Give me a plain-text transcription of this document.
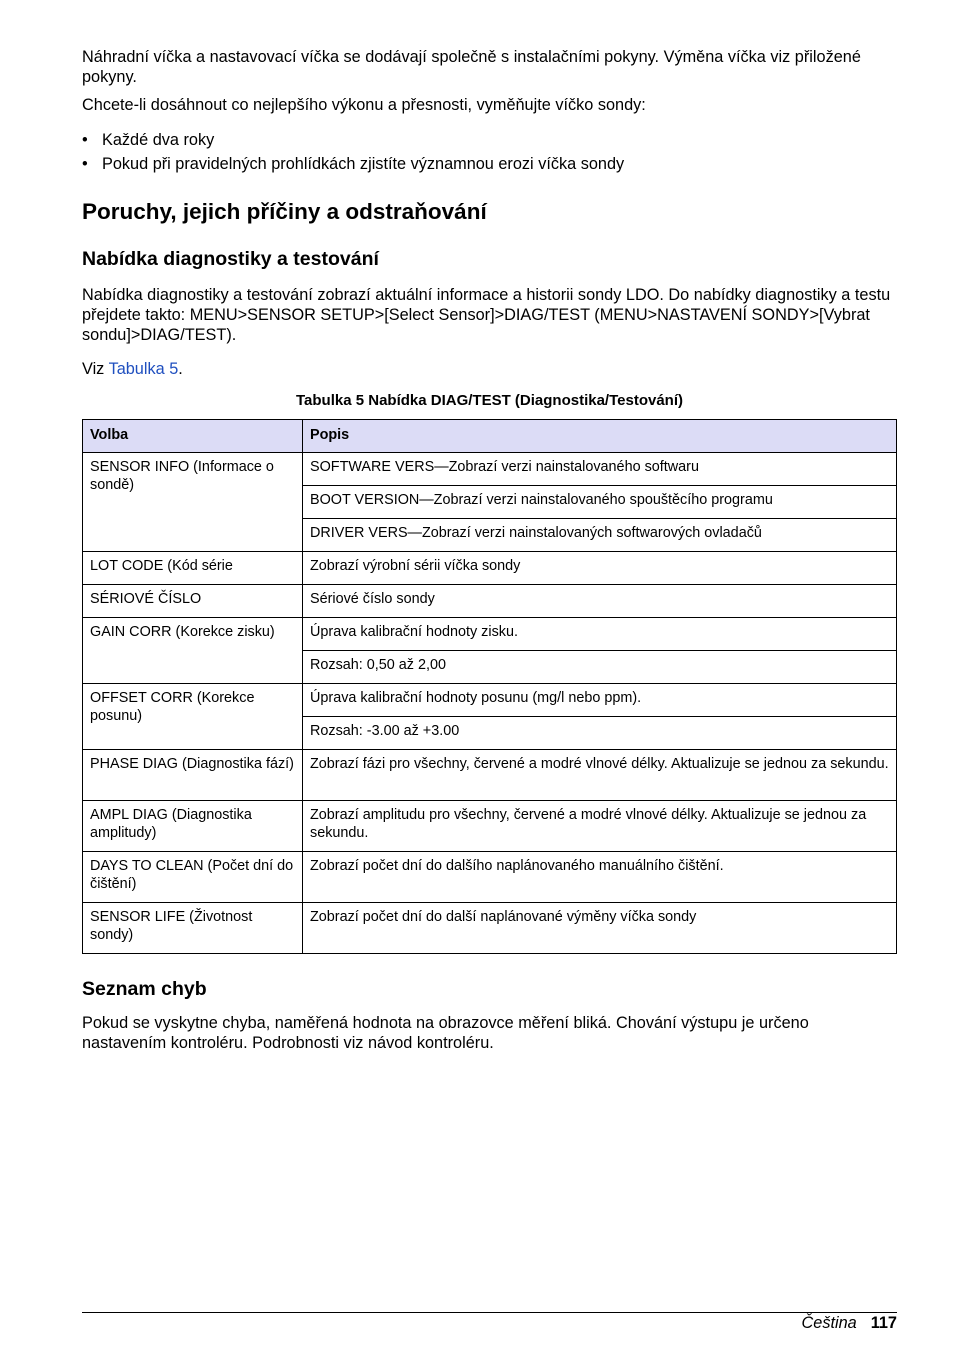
Náhradní víčka a nastavovací víčka se dodávají společně s instalačními pokyny. Výměna víčka viz přiložené pokyny.

Chcete-li dosáhnout co nejlepšího výkonu a přesnosti, vyměňujte víčko sondy:

• Každé dva roky
• Pokud při pravidelných prohlídkách zjistíte významnou erozi víčka sondy
Poruchy, jejich příčiny a odstraňování
Nabídka diagnostiky a testování

Nabídka diagnostiky a testování zobrazí aktuální informace a historii sondy LDO. Do nabídky diagnostiky a testu přejdete takto: MENU>SENSOR SETUP>[Select Sensor]>DIAG/TEST (MENU>NASTAVENÍ SONDY>[Vybrat sondu]>DIAG/TEST).

Viz Tabulka 5.

Tabulka 5 Nabídka DIAG/TEST (Diagnostika/Testování)
Volba	Popis
SENSOR INFO (Informace o sondě)	SOFTWARE VERS—Zobrazí verzi nainstalovaného softwaru
	BOOT VERSION—Zobrazí verzi nainstalovaného spouštěcího programu
	DRIVER VERS—Zobrazí verzi nainstalovaných softwarových ovladačů
LOT CODE (Kód série	Zobrazí výrobní sérii víčka sondy
SÉRIOVÉ ČÍSLO	Sériové číslo sondy
GAIN CORR (Korekce zisku)	Úprava kalibrační hodnoty zisku.
	Rozsah: 0,50 až 2,00
OFFSET CORR (Korekce posunu)	Úprava kalibrační hodnoty posunu (mg/l nebo ppm).
	Rozsah: -3.00 až +3.00
PHASE DIAG (Diagnostika fází)	Zobrazí fázi pro všechny, červené a modré vlnové délky. Aktualizuje se jednou za sekundu.
AMPL DIAG (Diagnostika amplitudy)	Zobrazí amplitudu pro všechny, červené a modré vlnové délky. Aktualizuje se jednou za sekundu.
DAYS TO CLEAN (Počet dní do čištění)	Zobrazí počet dní do dalšího naplánovaného manuálního čištění.
SENSOR LIFE (Životnost sondy)	Zobrazí počet dní do další naplánované výměny víčka sondy
Seznam chyb

Pokud se vyskytne chyba, naměřená hodnota na obrazovce měření bliká. Chování výstupu je určeno nastavením kontroléru. Podrobnosti viz návod kontroléru.

Čeština 117
